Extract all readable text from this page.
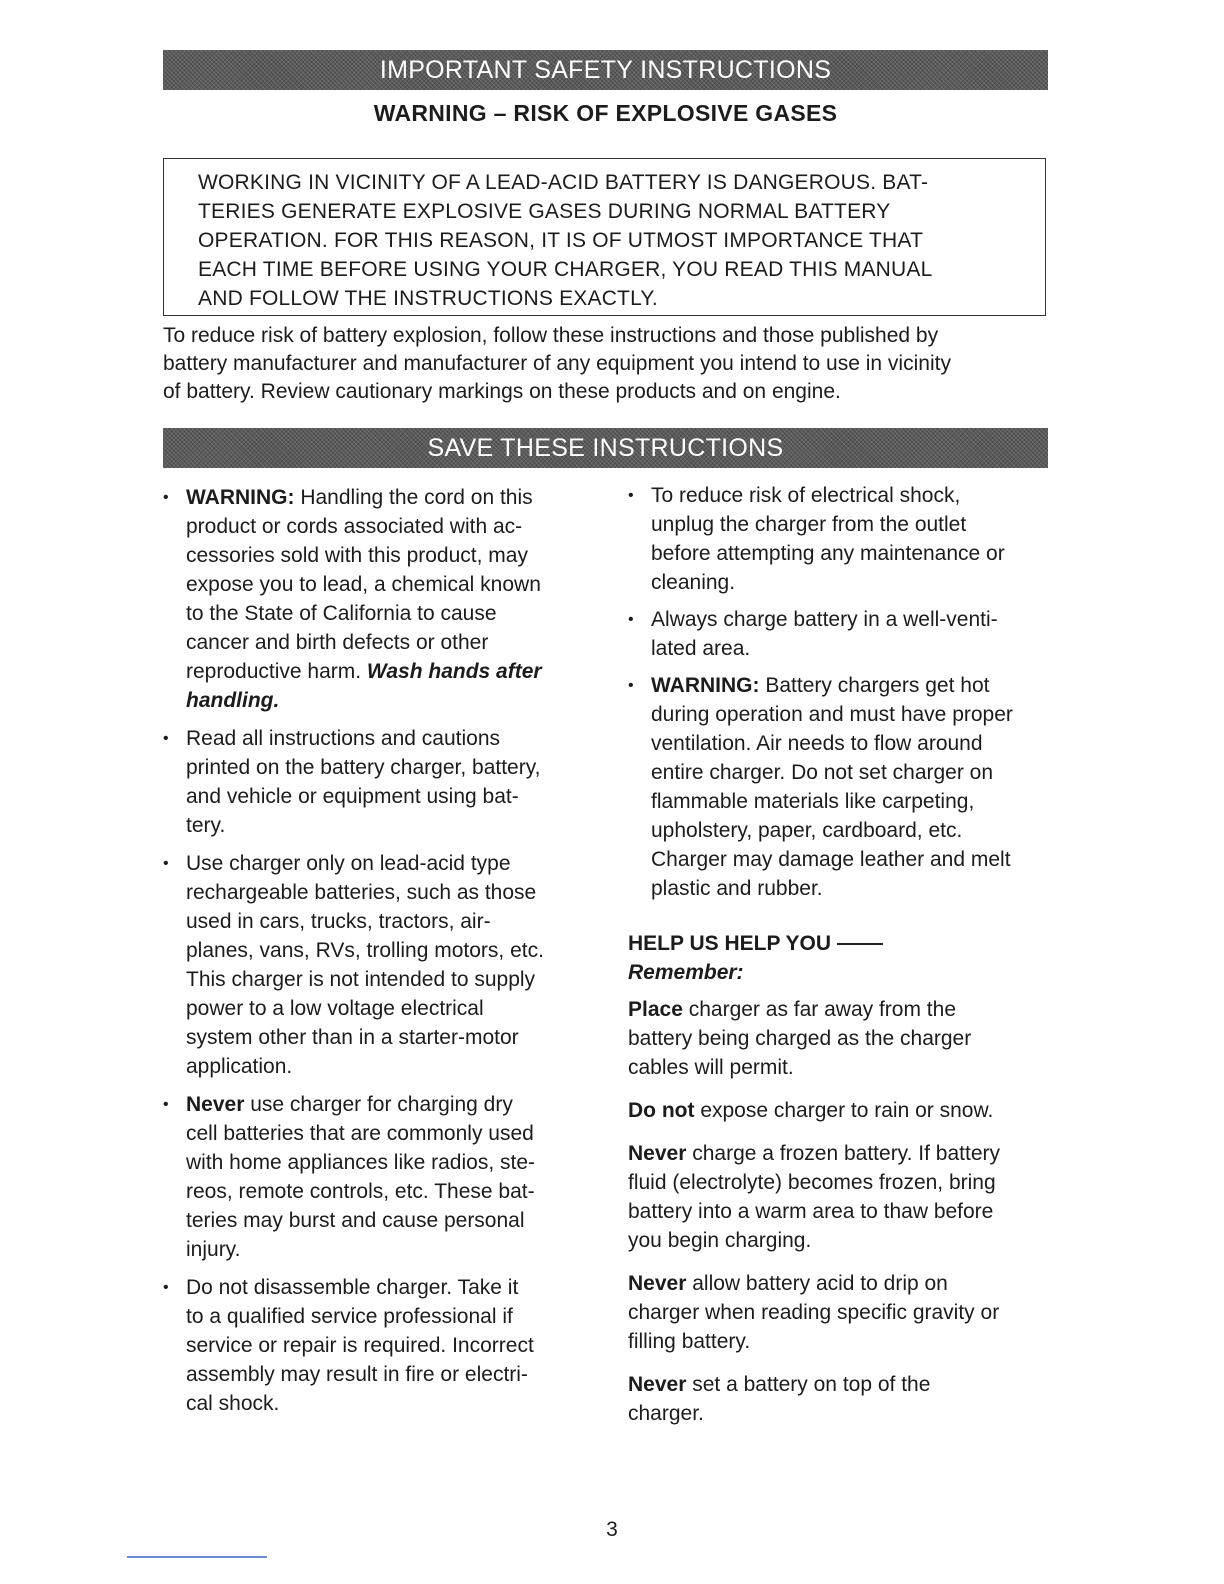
IMPORTANT SAFETY INSTRUCTIONS
WARNING – RISK OF EXPLOSIVE GASES

WORKING IN VICINITY OF A LEAD-ACID BATTERY IS DANGEROUS. BAT-

TERIES GENERATE EXPLOSIVE GASES DURING NORMAL BATTERY

OPERATION. FOR THIS REASON, IT IS OF UTMOST IMPORTANCE THAT

EACH TIME BEFORE USING YOUR CHARGER, YOU READ THIS MANUAL

AND FOLLOW THE INSTRUCTIONS EXACTLY.

To reduce risk of battery explosion, follow these instructions and those published by

battery manufacturer and manufacturer of any equipment you intend to use in vicinity

of battery. Review cautionary markings on these products and on engine.

SAVE THESE INSTRUCTIONS
• WARNING: Handling the cord on this
product or cords associated with ac-
cessories sold with this product, may
expose you to lead, a chemical known
to the State of California to cause
cancer and birth defects or other
reproductive harm. Wash hands after
handling.
• Read all instructions and cautions
printed on the battery charger, battery,
and vehicle or equipment using bat-
tery.
• Use charger only on lead-acid type
rechargeable batteries, such as those
used in cars, trucks, tractors, air-
planes, vans, RVs, trolling motors, etc.
This charger is not intended to supply
power to a low voltage electrical
system other than in a starter-motor
application.
• Never use charger for charging dry
cell batteries that are commonly used
with home appliances like radios, ste-
reos, remote controls, etc. These bat-
teries may burst and cause personal
injury.
• Do not disassemble charger. Take it
to a qualified service professional if
service or repair is required. Incorrect
assembly may result in fire or electri-
cal shock.
• To reduce risk of electrical shock,
unplug the charger from the outlet
before attempting any maintenance or
cleaning.
• Always charge battery in a well-venti-
lated area.
• WARNING: Battery chargers get hot
during operation and must have proper
ventilation. Air needs to flow around
entire charger. Do not set charger on
flammable materials like carpeting,
upholstery, paper, cardboard, etc.
Charger may damage leather and melt
plastic and rubber.
HELP US HELP YOU
Remember:
Place charger as far away from the
battery being charged as the charger
cables will permit.
Do not expose charger to rain or snow.
Never charge a frozen battery. If battery
fluid (electrolyte) becomes frozen, bring
battery into a warm area to thaw before
you begin charging.
Never allow battery acid to drip on
charger when reading specific gravity or
filling battery.
Never set a battery on top of the
charger.
3
